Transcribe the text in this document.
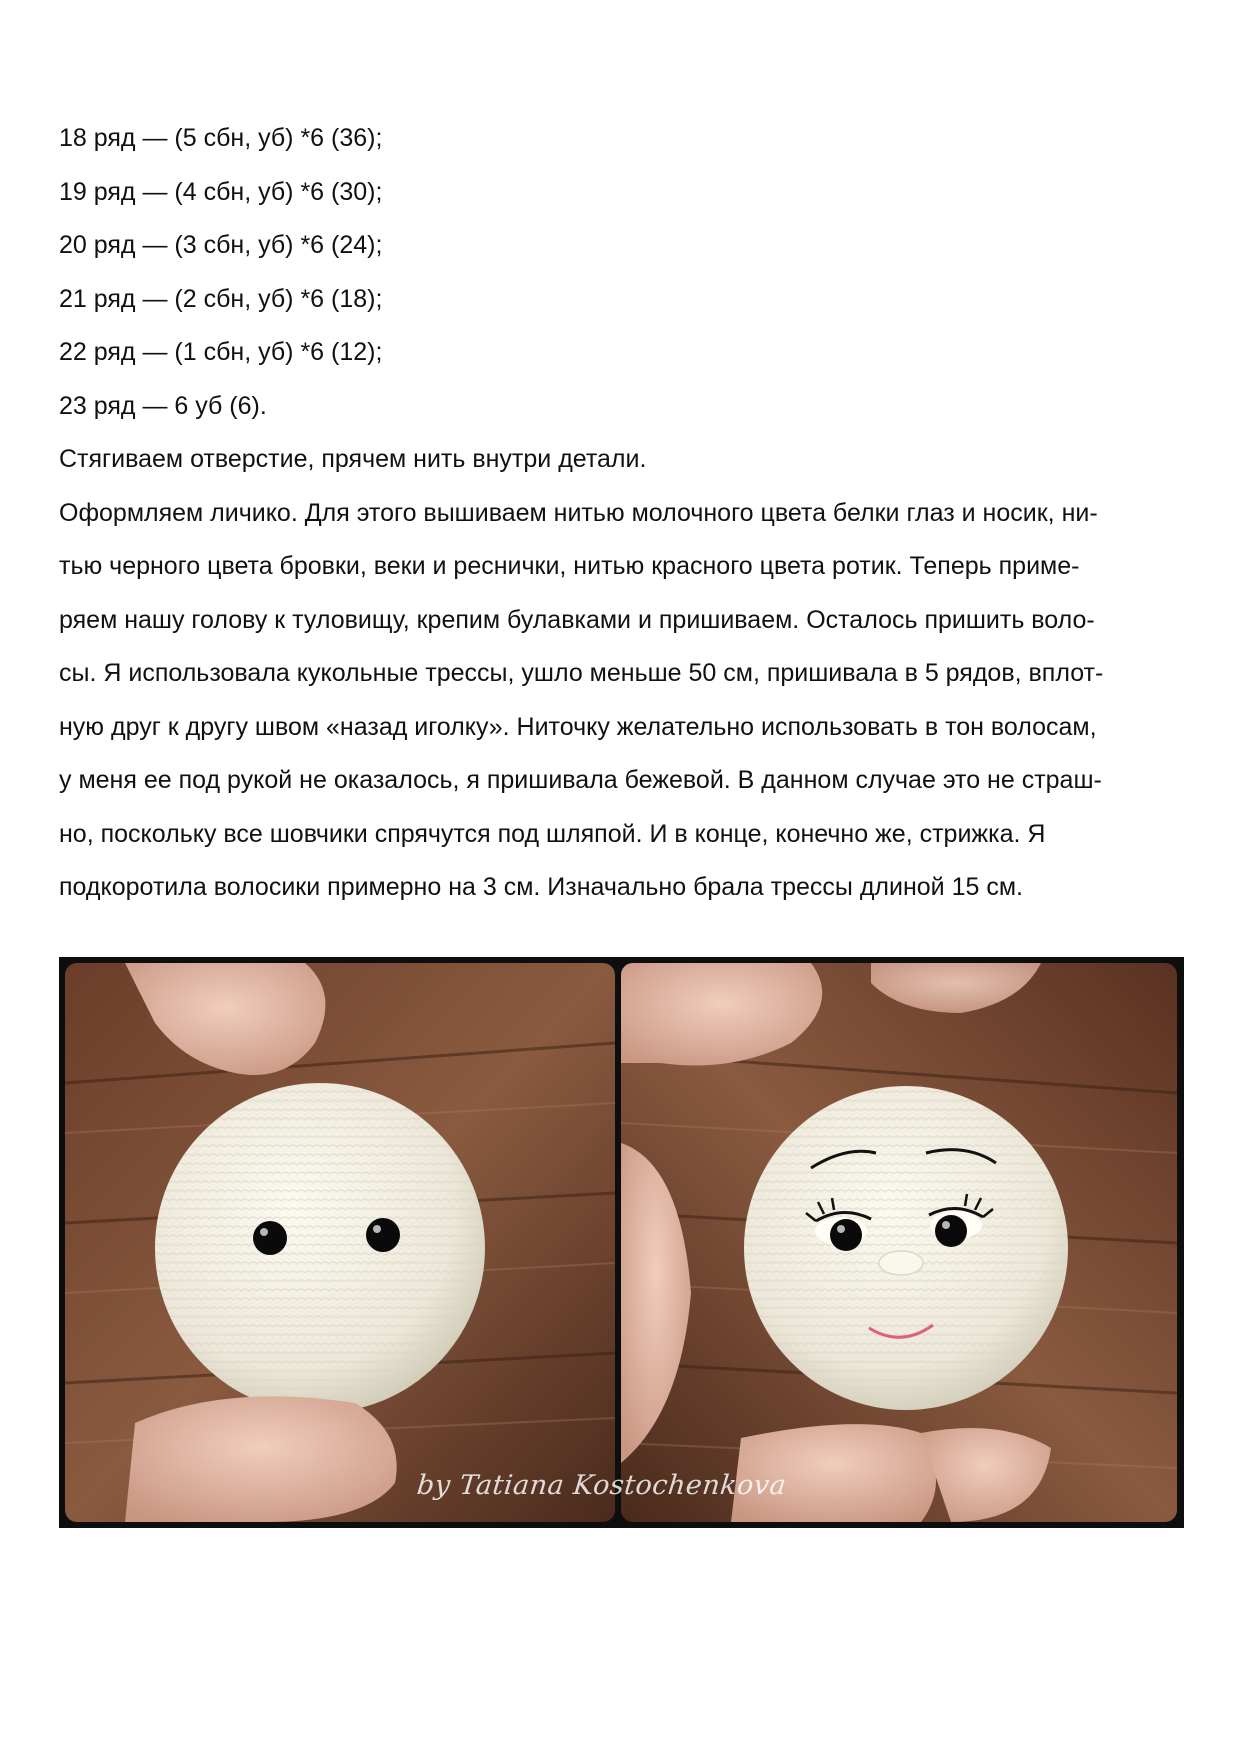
18 ряд — (5 сбн, уб) *6 (36);

19 ряд — (4 сбн, уб) *6 (30);

20 ряд — (3 сбн, уб) *6 (24);

21 ряд — (2 сбн, уб) *6 (18);

22 ряд — (1 сбн, уб) *6 (12);

23 ряд — 6 уб (6).

Стягиваем отверстие, прячем нить внутри детали.

Оформляем личико. Для этого вышиваем нитью молочного цвета белки глаз и носик, ни-

тью черного цвета бровки, веки и реснички, нитью красного цвета ротик. Теперь приме-

ряем нашу голову к туловищу, крепим булавками и пришиваем. Осталось пришить воло-

сы. Я использовала кукольные трессы, ушло меньше 50 см, пришивала в 5 рядов, вплот-

ную друг к другу швом «назад иголку». Ниточку желательно использовать в тон волосам,

у меня ее под рукой не оказалось, я пришивала бежевой. В данном случае это не страш-

но, поскольку все шовчики спрячутся под шляпой. И в конце, конечно же, стрижка. Я

подкоротила волосики примерно на 3 см. Изначально брала трессы длиной 15 см.

by Tatiana Kostochenkova
